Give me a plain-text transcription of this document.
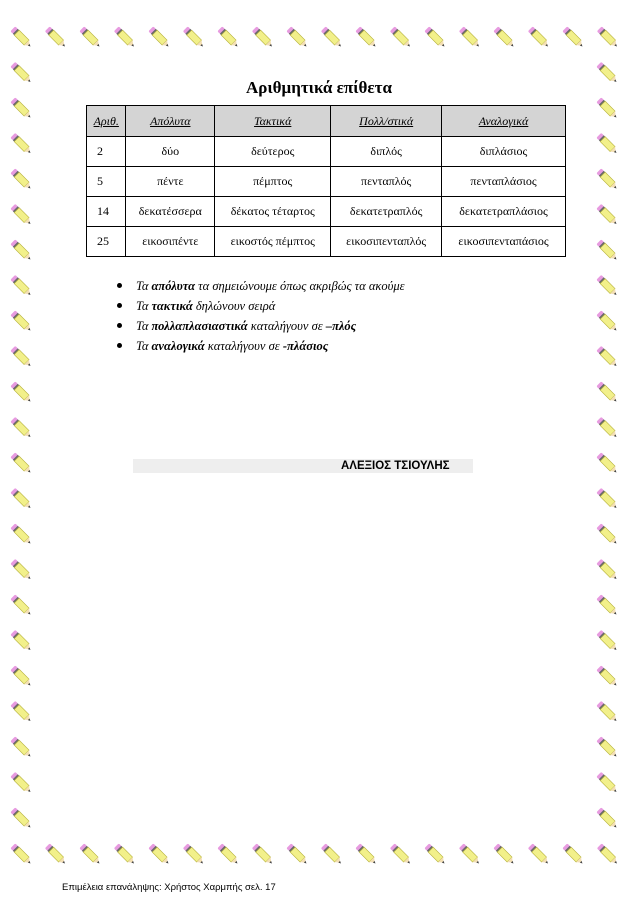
Αριθμητικά επίθετα
Αριθ.	Απόλυτα	Τακτικά	Πολλ/στικά	Αναλογικά
2	δύο	δεύτερος	διπλός	διπλάσιος
5	πέντε	πέμπτος	πενταπλός	πενταπλάσιος
14	δεκατέσσερα	δέκατος τέταρτος	δεκατετραπλός	δεκατετραπλάσιος
25	εικοσιπέντε	εικοστός πέμπτος	εικοσιπενταπλός	εικοσιπενταπάσιος
Τα απόλυτα τα σημειώνουμε όπως ακριβώς τα ακούμε
Τα τακτικά δηλώνουν σειρά
Τα πολλαπλασιαστικά καταλήγουν σε –πλός
Τα αναλογικά καταλήγουν σε -πλάσιος
ΑΛΕΞΙΟΣ ΤΣΙΟΥΛΗΣ
Επιμέλεια επανάληψης: Χρήστος Χαρμπής σελ. 17
